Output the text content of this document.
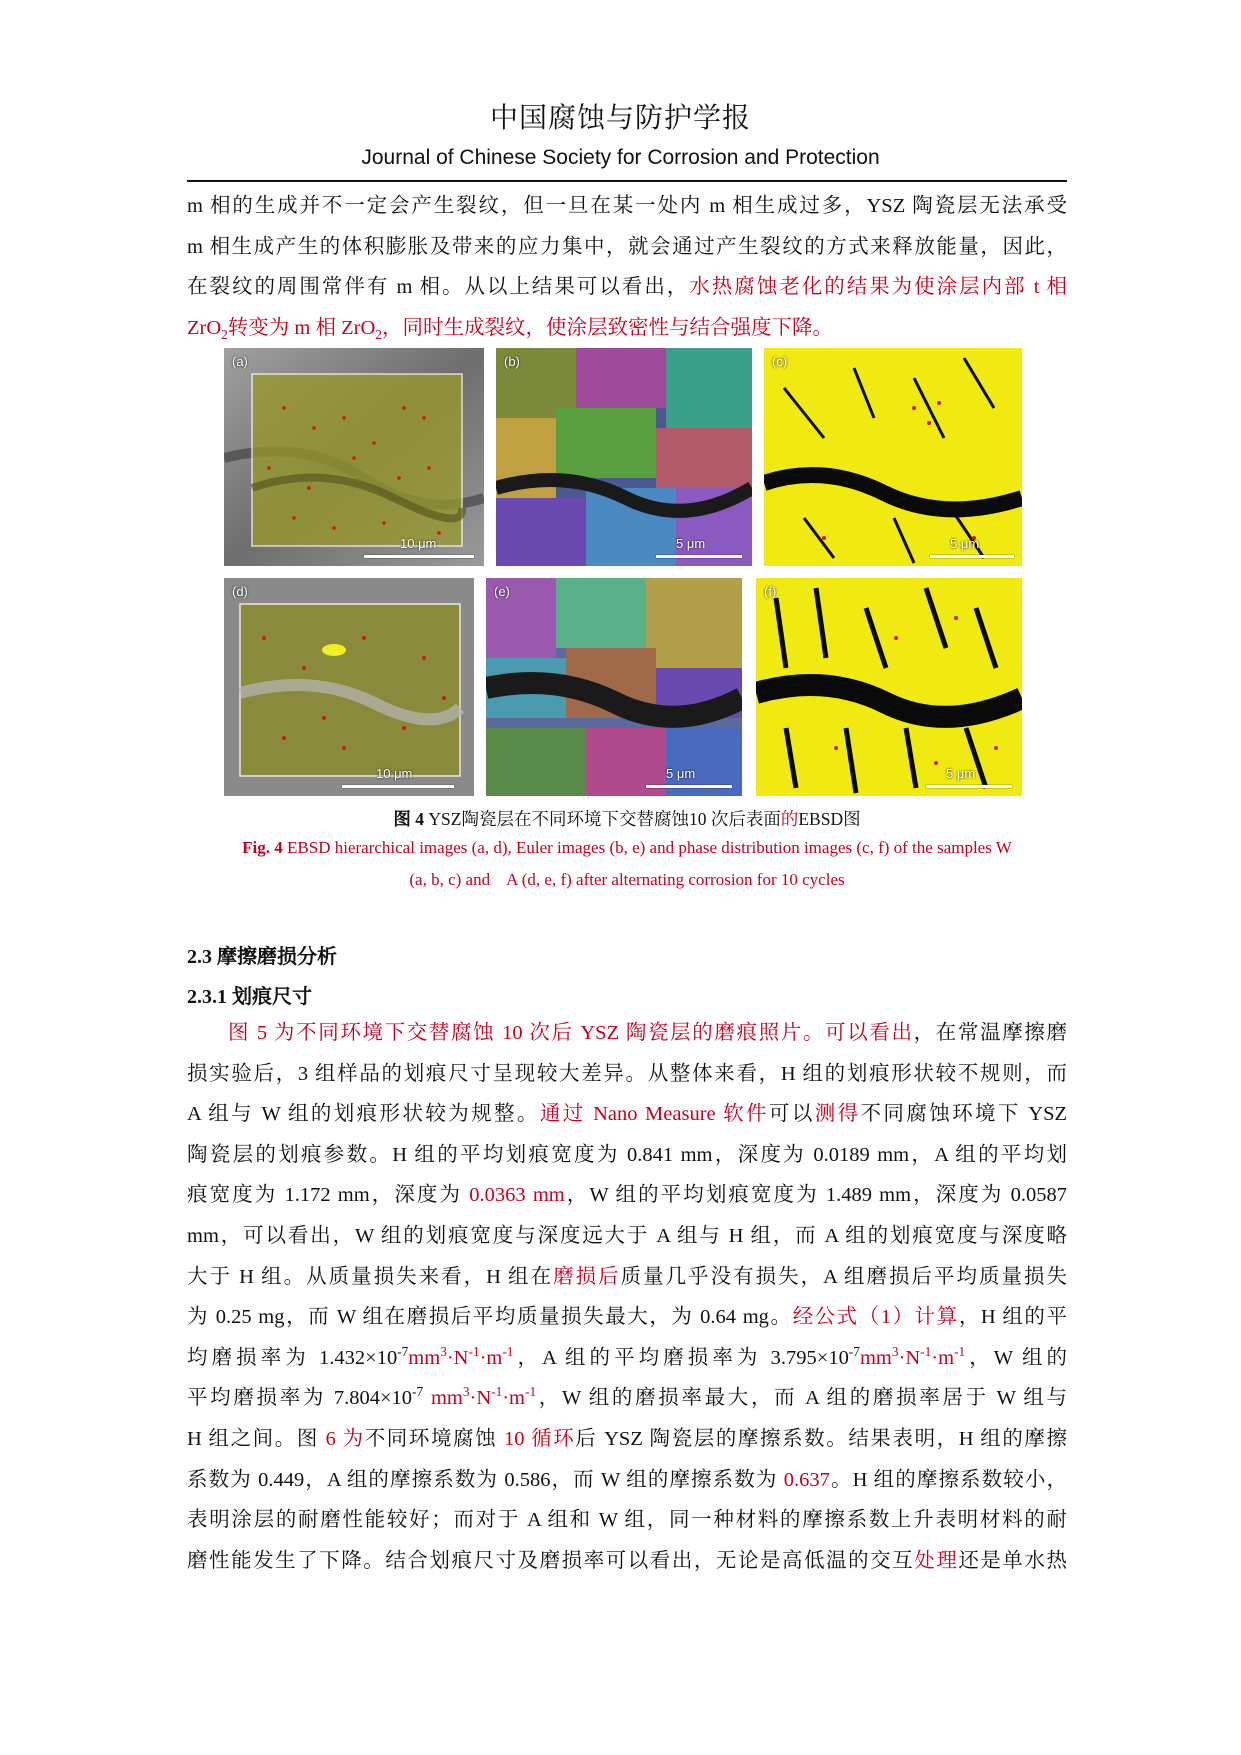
中国腐蚀与防护学报
Journal of Chinese Society for Corrosion and Protection
m 相的生成并不一定会产生裂纹，但一旦在某一处内 m 相生成过多，YSZ 陶瓷层无法承受
m 相生成产生的体积膨胀及带来的应力集中，就会通过产生裂纹的方式来释放能量，因此，
在裂纹的周围常伴有 m 相。从以上结果可以看出，水热腐蚀老化的结果为使涂层内部 t 相
ZrO$_2$转变为 m 相 ZrO$_2$，同时生成裂纹，使涂层致密性与结合强度下降。
(a)
10 μm
(b)
5 μm
(c)
5 μm
(d)
10 μm
(e)
5 μm
(f)
5 μm
图 4 YSZ陶瓷层在不同环境下交替腐蚀10 次后表面的EBSD图
Fig. 4 EBSD hierarchical images (a, d), Euler images (b, e) and phase distribution images (c, f) of the samples W
(a, b, c) and    A (d, e, f) after alternating corrosion for 10 cycles
2.3 摩擦磨损分析
2.3.1 划痕尺寸
图 5 为不同环境下交替腐蚀 10 次后 YSZ 陶瓷层的磨痕照片。可以看出，在常温摩擦磨
损实验后，3 组样品的划痕尺寸呈现较大差异。从整体来看，H 组的划痕形状较不规则，而
A 组与 W 组的划痕形状较为规整。通过 Nano Measure 软件可以测得不同腐蚀环境下 YSZ
陶瓷层的划痕参数。H 组的平均划痕宽度为 0.841 mm，深度为 0.0189 mm，A 组的平均划
痕宽度为 1.172 mm，深度为 0.0363 mm，W 组的平均划痕宽度为 1.489 mm，深度为 0.0587
mm，可以看出，W 组的划痕宽度与深度远大于 A 组与 H 组，而 A 组的划痕宽度与深度略
大于 H 组。从质量损失来看，H 组在磨损后质量几乎没有损失，A 组磨损后平均质量损失
为 0.25 mg，而 W 组在磨损后平均质量损失最大，为 0.64 mg。经公式（1）计算，H 组的平
均磨损率为 $1.432\times 10^{-7}mm^3\cdot N^{-1}\cdot m^{-1}$，A 组的平均磨损率为 $3.795\times 10^{-7}mm^3\cdot N^{-1}\cdot m^{-1}$，W 组的
平均磨损率为 $7.804\times 10^{-7}$ $mm^3\cdot N^{-1}\cdot m^{-1}$，W 组的磨损率最大，而 A 组的磨损率居于 W 组与
H 组之间。图 6 为不同环境腐蚀 10 循环后 YSZ 陶瓷层的摩擦系数。结果表明，H 组的摩擦
系数为 0.449，A 组的摩擦系数为 0.586，而 W 组的摩擦系数为 0.637。H 组的摩擦系数较小，
表明涂层的耐磨性能较好；而对于 A 组和 W 组，同一种材料的摩擦系数上升表明材料的耐
磨性能发生了下降。结合划痕尺寸及磨损率可以看出，无论是高低温的交互处理还是单水热
